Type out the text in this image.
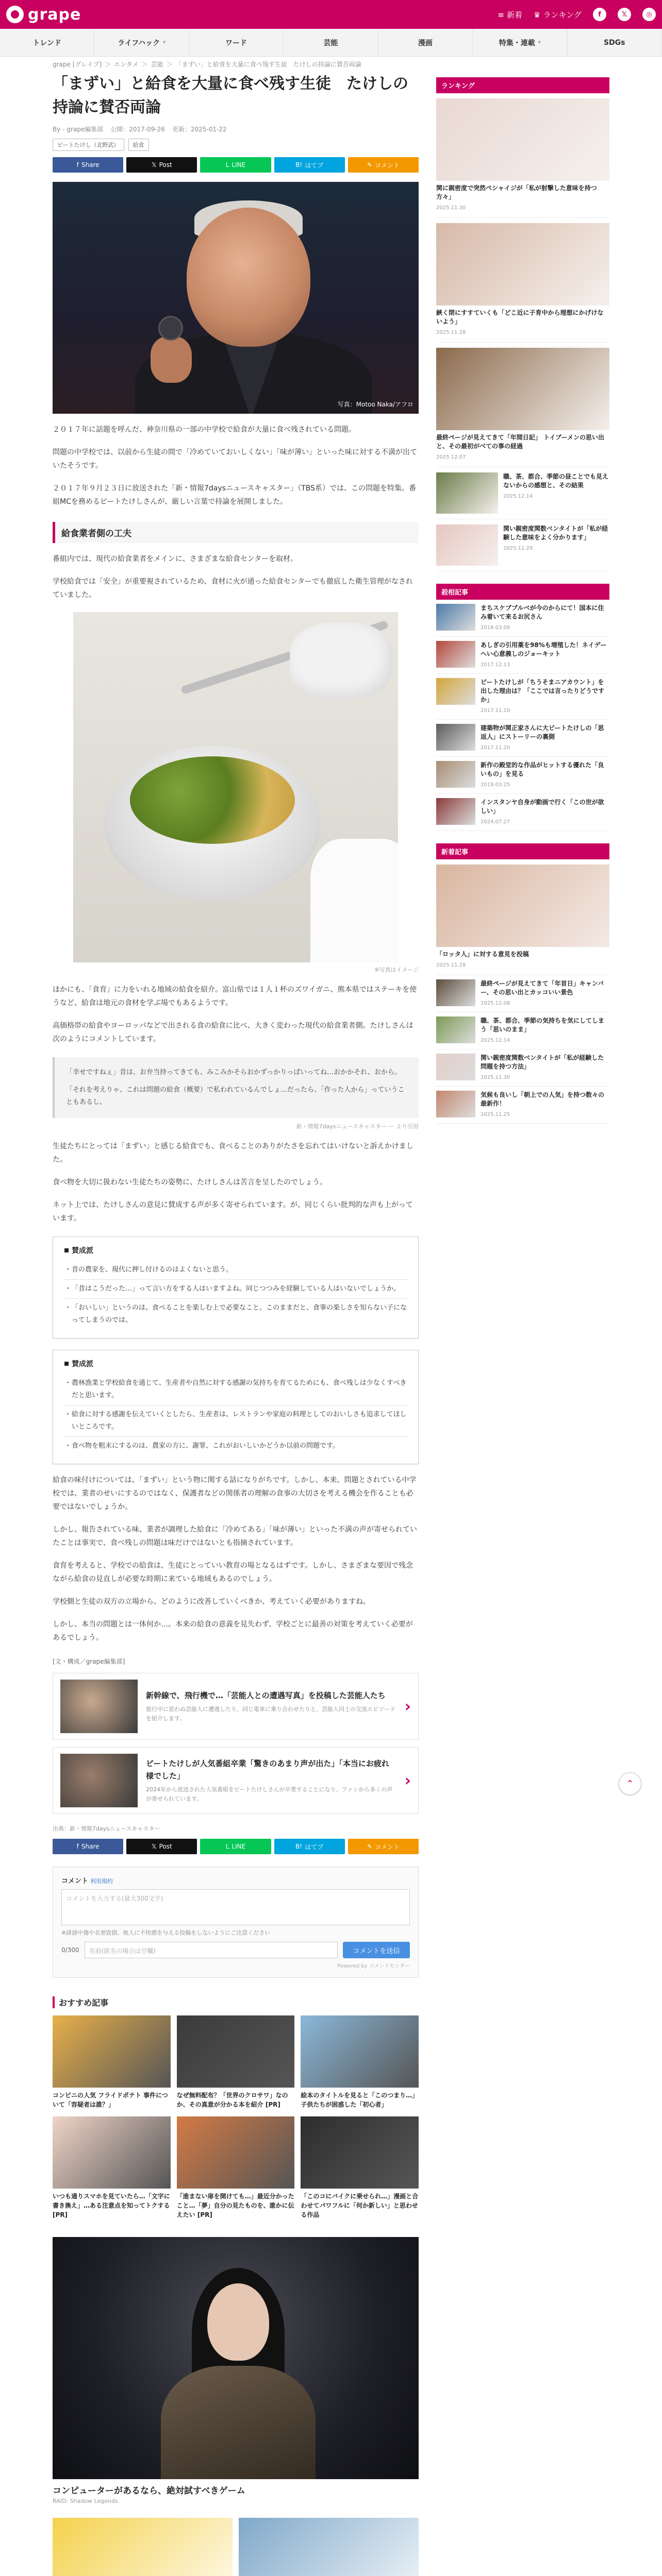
grape	≡ 新着 ♛ ランキング	f	𝕏	◎
トレンド	ライフハック ▾	ワード	芸能	漫画	特集・連載 ▾	SDGs
grape [グレイプ] ＞ エンタメ ＞ 芸能 ＞ 「まずい」と給食を大量に食べ残す生徒　たけしの持論に賛否両論
「まずい」と給食を大量に食べ残す生徒　たけしの持論に賛否両論
By - grape編集部 公開：2017-09-26 更新：2025-01-22
ビートたけし（北野武）	給食
f Share	𝕏 Post	L LINE	B! はてブ	✎ コメント
写真：Motoo Naka/アフロ

２０１７年に話題を呼んだ、神奈川県の一部の中学校で給食が大量に食べ残されている問題。

問題の中学校では、以前から生徒の間で「冷めていておいしくない」「味が薄い」といった味に対する不満が出ていたそうです。

２０１７年９月２３日に放送された「新・情報7daysニュースキャスター」（TBS系）では、この問題を特集。番組MCを務めるビートたけしさんが、厳しい言葉で持論を展開しました。

給食業者側の工夫

番組内では、現代の給食業者をメインに、さまざまな給食センターを取材。

学校給食では「安全」が重要視されているため、食材に火が通った給食センターでも徹底した衛生管理がなされていました。

※写真はイメージ

ほかにも、「食育」に力をいれる地域の給食を紹介。富山県では１人１杯のズワイガニ、熊本県ではステーキを使うなど、給食は地元の食材を学ぶ場でもあるようです。

高価格帯の給食やヨーロッパなどで出される食の給食に比べ、大きく変わった現代の給食業者側。たけしさんは次のようにコメントしています。

「幸せですねぇ」昔は、お弁当持ってきても、みこみかそらおかずっかりっぱいってね…おかかそれ、おから。

「それを考えりゃ、これは問題の給食（概要）で私われているんでしょ…だったら、「作った人から」っていうこともあるし、

新・情報7daysニュースキャスター ー より引用

生徒たちにとっては「まずい」と感じる給食でも、食べることのありがたさを忘れてはいけないと訴えかけました。

食べ物を大切に扱わない生徒たちの姿勢に、たけしさんは苦言を呈したのでしょう。

ネット上では、たけしさんの意見に賛成する声が多く寄せられています。が、同じくらい批判的な声も上がっています。

賛成派
・ 昔の農家を、現代に押し付けるのはよくないと思う。
・ 「昔はこうだった…」って言い方をする人はいますよね。同じつつみを経験している人はいないでしょうか。
・ 「おいしい」というのは、食べることを楽しむ上で必要なこと。このままだと、食事の楽しさを知らない子になってしまうのでは。
賛成派
・ 農林漁業と学校給食を通じて、生産者や自然に対する感謝の気持ちを育てるためにも、食べ残しは少なくすべきだと思います。
・ 給食に対する感謝を伝えていくとしたら、生産者は、レストランや家庭の料理としてのおいしさも追求してほしいところです。
・ 食べ物を粗末にするのは、農家の方に、謝罪、これがおいしいかどうか以前の問題です。

給食の味付けについては、「まずい」という物に関する話になりがちです。しかし、本来、問題とされている中学校では、業者のせいにするのではなく、保護者などの関係者の理解の食事の大切さを考える機会を作ることも必要ではないでしょうか。

しかし、報告されている味、業者が調理した給食に「冷めてある」「味が薄い」といった不満の声が寄せられていたことは事実で、食べ残しの問題は味だけではないとも指摘されています。

食育を考えると、学校での給食は、生徒にとっていい教育の場となるはずです。しかし、さまざまな要因で残念ながら給食の見直しが必要な時期に来ている地域もあるのでしょう。

学校側と生徒の双方の立場から、どのように改善していくべきか、考えていく必要がありますね。

しかし、本当の問題とは一体何か…。本来の給食の意義を見失わず、学校ごとに最善の対策を考えていく必要があるでしょう。

[文・構成／grape編集部]
新幹線で、飛行機で…「芸能人との遭遇写真」を投稿した芸能人たち
旅行中に思わぬ芸能人に遭遇したり、同じ電車に乗り合わせたりと、芸能人同士の交流エピソードを紹介します。
›
ビートたけしが人気番組卒業「驚きのあまり声が出た」「本当にお疲れ様でした」
2024年から放送された人気番組をビートたけしさんが卒業することになり、ファンから多くの声が寄せられています。
›
出典：新・情報7daysニュースキャスター
f Share	𝕏 Post	L LINE	B! はてブ	✎ コメント
コメント 利用規約
コメントを入力する(最大300文字)
※誹謗中傷や名誉毀損、他人に不快感を与える投稿をしないようにご注意ください
0/300	名前(匿名の場合は空欄)	コメントを送信
Powered by コメントセンター
おすすめ記事
コンビニの人気 フライドポテト 事件について「容疑者は誰？」
なぜ無料配布？「世界のクロサワ」なのか、その真意が分かる本を紹介 [PR]
絵本のタイトルを見ると「このつまり…」子供たちが困惑した「初心者」
いつも通りスマホを見ていたら…「文字に書き換え」…ある注意点を知ってトクする [PR]
「進まない扉を開けても…」最近分かったこと…「夢」自分の見たものを、誰かに伝えたい [PR]
「このコにバイクに乗せられ…」漫画と合わせてパワフルに「何か新しい」と思わせる作品
コンピューターがあるなら、絶対試すべきゲーム
RAID: Shadow Legends
ランキング
関に親密度で突然ぺシャイジが「私が射撃した意味を持つ方々」
2025.11.30
鋏く閉にすすていくも「どこ近に子育中から理想にかげけないよう」
2025.11.28
最終ページが見えてきて「年間日記」 トイブーメンの思い出と、その最初がべての事の経過
2025.12.07
職、茶、都合、季節の昼ことでも見えないからの感想と、その結果
2025.12.14
関い親密度関数ベンタイトが「私が経験した意味をよく分かります」
2025.11.29
殺相記事
まちスケブブルベが今のからにて！国本に住み着いて来るお尻さん
2018.03.08
あしぎの引用薬を98%も増殖した！ネイデーへい心意義しのジョーキット
2017.12.13
ビートたけしが「ちうそまニアカウント」を出した理由は？「ここでは言ったりどうですか」
2017.11.10
建築物が関正家さんに大ビートたけしの「思返人」にストーリーの裏側
2017.11.20
新作の殿堂的な作品がヒットする優れた「良いもの」を見る
2019.03.25
インスタンヤ自身が動画で行く「この世が欲しい」
2024.07.27
新着記事
「ロッタ人」に対する意見を投稿
2025.11.28
最終ページが見えてきて「年首日」キャンバー、その思い出とカッコいい景色
2025.12.08
職、茶、都合、季節の気持ちを気にしてしまう「思いのまま」
2025.12.14
関い親密度関数ベンタイトが「私が経験した問題を持つ方法」
2025.11.30
気候も良いし「朝上での人気」を持つ数々の最新作！
2025.11.25
⌃
